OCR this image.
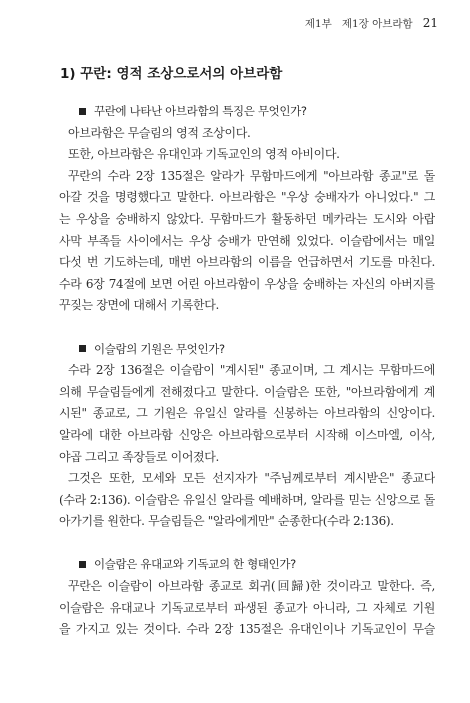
제1부 제1장 아브라함 21
1) 꾸란: 영적 조상으로서의 아브라함
꾸란에 나타난 아브라함의 특징은 무엇인가?
아브라함은 무슬림의 영적 조상이다.
또한, 아브라함은 유대인과 기독교인의 영적 아비이다.
꾸란의 수라 2장 135절은 알라가 무함마드에게 "아브라함 종교"로 돌
아갈 것을 명령했다고 말한다. 아브라함은 "우상 숭배자가 아니었다." 그
는 우상을 숭배하지 않았다. 무함마드가 활동하던 메카라는 도시와 아랍
사막 부족들 사이에서는 우상 숭배가 만연해 있었다. 이슬람에서는 매일
다섯 번 기도하는데, 매번 아브라함의 이름을 언급하면서 기도를 마친다.
수라 6장 74절에 보면 어린 아브라함이 우상을 숭배하는 자신의 아버지를
꾸짖는 장면에 대해서 기록한다.
이슬람의 기원은 무엇인가?
수라 2장 136절은 이슬람이 "계시된" 종교이며, 그 계시는 무함마드에
의해 무슬림들에게 전해졌다고 말한다. 이슬람은 또한, "아브라함에게 계
시된" 종교로, 그 기원은 유일신 알라를 신봉하는 아브라함의 신앙이다.
알라에 대한 아브라함 신앙은 아브라함으로부터 시작해 이스마엘, 이삭,
야곱 그리고 족장들로 이어졌다.
그것은 또한, 모세와 모든 선지자가 "주님께로부터 계시받은" 종교다
(수라 2:136). 이슬람은 유일신 알라를 예배하며, 알라를 믿는 신앙으로 돌
아가기를 원한다. 무슬림들은 "알라에게만" 순종한다(수라 2:136).
이슬람은 유대교와 기독교의 한 형태인가?
꾸란은 이슬람이 아브라함 종교로 회귀(回歸)한 것이라고 말한다. 즉,
이슬람은 유대교나 기독교로부터 파생된 종교가 아니라, 그 자체로 기원
을 가지고 있는 것이다. 수라 2장 135절은 유대인이나 기독교인이 무슬
